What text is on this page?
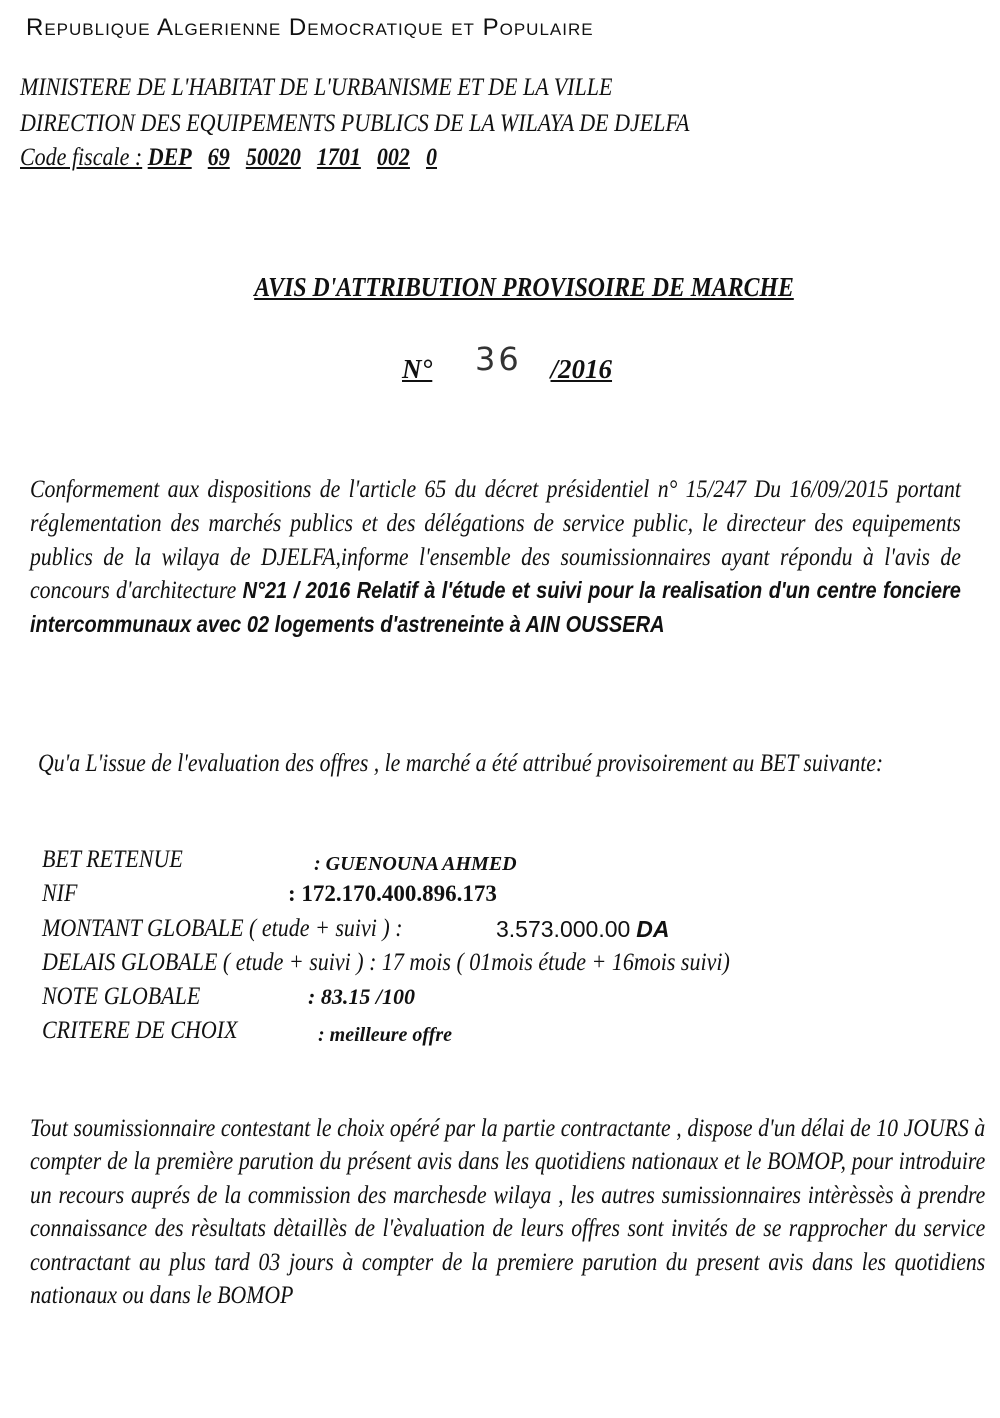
Republique Algerienne Democratique et Populaire
MINISTERE DE L'HABITAT DE L'URBANISME ET DE LA VILLE
DIRECTION DES EQUIPEMENTS PUBLICS DE LA WILAYA DE DJELFA
Code fiscale : DEP 69 50020 1701 002 0
AVIS D'ATTRIBUTION PROVISOIRE DE MARCHE
N° 36 /2016
Conformement aux dispositions de l'article 65 du décret présidentiel n° 15/247 Du 16/09/2015 portant réglementation des marchés publics et des délégations de service public, le directeur des equipements publics de la wilaya de DJELFA,informe l'ensemble des soumissionnaires ayant répondu à l'avis de concours d'architecture N°21 / 2016 Relatif à l'étude et suivi pour la realisation d'un centre fonciere intercommunaux avec 02 logements d'astreneinte à AIN OUSSERA
Qu'a L'issue de l'evaluation des offres , le marché a été attribué provisoirement au BET suivante:
BET RETENUE	: GUENOUNA AHMED
NIF	: 172.170.400.896.173
MONTANT GLOBALE ( etude + suivi ) :	3.573.000.00 DA
DELAIS GLOBALE ( etude + suivi ) : 17 mois ( 01mois étude + 16mois suivi)
NOTE GLOBALE	: 83.15 /100
CRITERE DE CHOIX	: meilleure offre
Tout soumissionnaire contestant le choix opéré par la partie contractante , dispose d'un délai de 10 JOURS à compter de la première parution du présent avis dans les quotidiens nationaux et le BOMOP, pour introduire un recours auprés de la commission des marchesde wilaya , les autres sumissionnaires intèrèssès à prendre connaissance des rèsultats dètaillès de l'èvaluation de leurs offres sont invités de se rapprocher du service contractant au plus tard 03 jours à compter de la premiere parution du present avis dans les quotidiens nationaux ou dans le BOMOP
